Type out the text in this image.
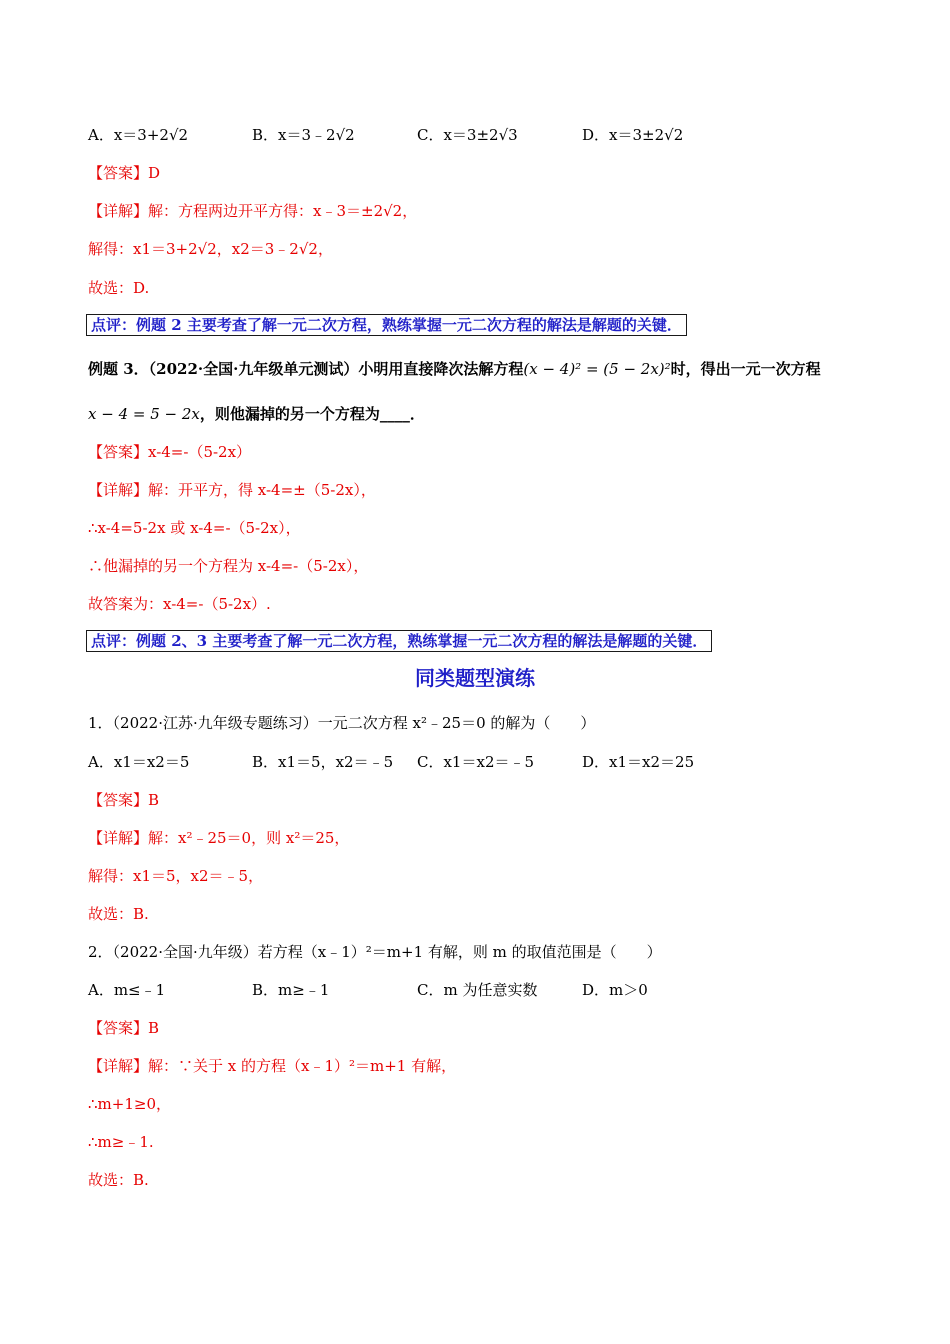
A．x＝3+2√2	B．x＝3﹣2√2	C．x＝3±2√3	D．x＝3±2√2
【答案】D
【详解】解：方程两边开平方得：x﹣3＝±2√2，
解得：x1＝3+2√2，x2＝3﹣2√2，
故选：D.
点评：例题 2 主要考查了解一元二次方程，熟练掌握一元二次方程的解法是解题的关键．
例题 3．（2022·全国·九年级单元测试）小明用直接降次法解方程(x − 4)² = (5 − 2x)²时，得出一元一次方程
x − 4 = 5 − 2x，则他漏掉的另一个方程为____．
【答案】x-4=-（5-2x）
【详解】解：开平方，得 x-4=±（5-2x），
∴x-4=5-2x 或 x-4=-（5-2x），
∴他漏掉的另一个方程为 x-4=-（5-2x），
故答案为：x-4=-（5-2x）.
点评：例题 2、3 主要考查了解一元二次方程，熟练掌握一元二次方程的解法是解题的关键．
同类题型演练
1．（2022·江苏·九年级专题练习）一元二次方程 x²﹣25＝0 的解为（　　）
A．x1＝x2＝5	B．x1＝5，x2＝﹣5 C．x1＝x2＝﹣5	D．x1＝x2＝25
【答案】B
【详解】解：x²﹣25＝0，则 x²＝25，
解得：x1＝5，x2＝﹣5，
故选：B.
2．（2022·全国·九年级）若方程（x﹣1）²＝m+1 有解，则 m 的取值范围是（　　）
A．m≤﹣1	B．m≥﹣1	C．m 为任意实数	D．m＞0
【答案】B
【详解】解：∵关于 x 的方程（x﹣1）²＝m+1 有解，
∴m+1≥0，
∴m≥﹣1.
故选：B.
